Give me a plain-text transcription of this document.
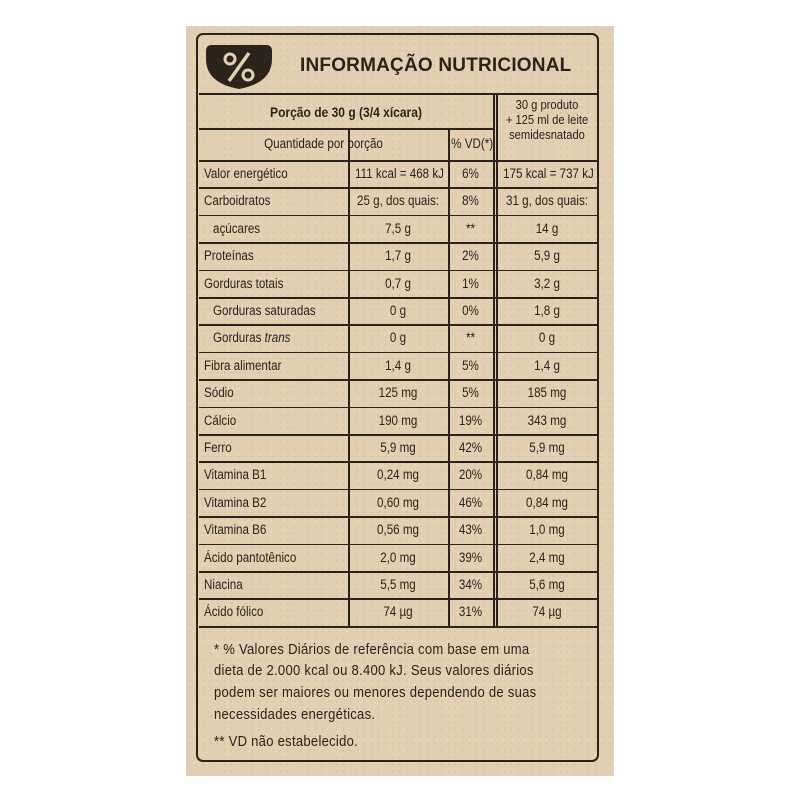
INFORMAÇÃO NUTRICIONAL
Porção de 30 g (3/4 xícara)
Quantidade por porção	% VD(*)
30 g produto
+ 125 ml de leite
semidesnatado
Valor energético	111 kcal = 468 kJ	6%	175 kcal = 737 kJ
Carboidratos	25 g, dos quais:	8%	31 g, dos quais:
açúcares	7,5 g	**	14 g
Proteínas	1,7 g	2%	5,9 g
Gorduras totais	0,7 g	1%	3,2 g
Gorduras saturadas	0 g	0%	1,8 g
Gorduras trans	0 g	**	0 g
Fibra alimentar	1,4 g	5%	1,4 g
Sódio	125 mg	5%	185 mg
Cálcio	190 mg	19%	343 mg
Ferro	5,9 mg	42%	5,9 mg
Vitamina B1	0,24 mg	20%	0,84 mg
Vitamina B2	0,60 mg	46%	0,84 mg
Vitamina B6	0,56 mg	43%	1,0 mg
Ácido pantotênico	2,0 mg	39%	2,4 mg
Niacina	5,5 mg	34%	5,6 mg
Ácido fólico	74 µg	31%	74 µg
* % Valores Diários de referência com base em uma
dieta de 2.000 kcal ou 8.400 kJ. Seus valores diários
podem ser maiores ou menores dependendo de suas
necessidades energéticas.
** VD não estabelecido.
